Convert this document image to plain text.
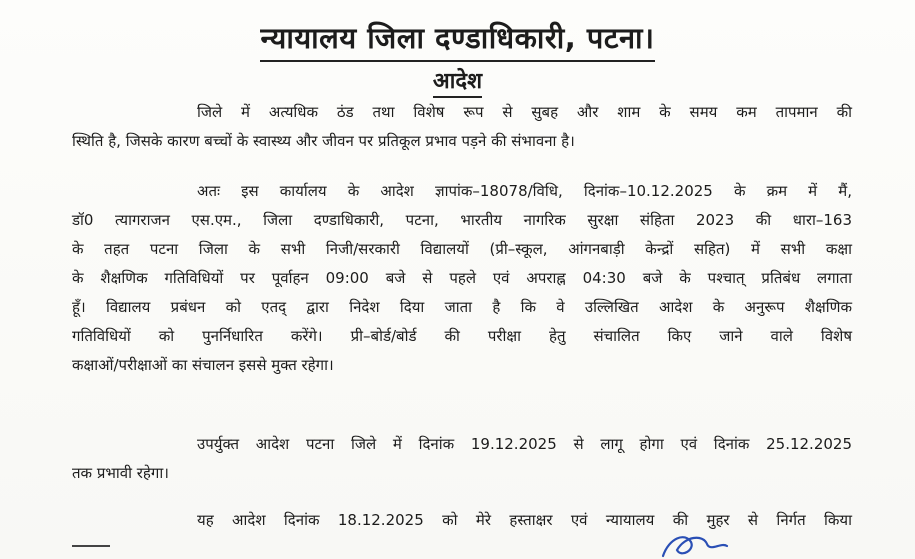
न्यायालय जिला दण्डाधिकारी, पटना।
आदेश
जिले में अत्यधिक ठंड तथा विशेष रूप से सुबह और शाम के समय कम तापमान की
स्थिति है, जिसके कारण बच्चों के स्वास्थ्य और जीवन पर प्रतिकूल प्रभाव पड़ने की संभावना है।
अतः इस कार्यालय के आदेश ज्ञापांक–18078/विधि, दिनांक–10.12.2025 के क्रम में मैं,
डॉ0 त्यागराजन एस.एम., जिला दण्डाधिकारी, पटना, भारतीय नागरिक सुरक्षा संहिता 2023 की धारा–163
के तहत पटना जिला के सभी निजी/सरकारी विद्यालयों (प्री–स्कूल, आंगनबाड़ी केन्द्रों सहित) में सभी कक्षा
के शैक्षणिक गतिविधियों पर पूर्वाहन 09:00 बजे से पहले एवं अपराह्न 04:30 बजे के पश्चात् प्रतिबंध लगाता
हूँ। विद्यालय प्रबंधन को एतद् द्वारा निदेश दिया जाता है कि वे उल्लिखित आदेश के अनुरूप शैक्षणिक
गतिविधियों को पुनर्निधारित करेंगे। प्री–बोर्ड/बोर्ड की परीक्षा हेतु संचालित किए जाने वाले विशेष
कक्षाओं/परीक्षाओं का संचालन इससे मुक्त रहेगा।
उपर्युक्त आदेश पटना जिले में दिनांक 19.12.2025 से लागू होगा एवं दिनांक 25.12.2025
तक प्रभावी रहेगा।
यह आदेश दिनांक 18.12.2025 को मेरे हस्ताक्षर एवं न्यायालय की मुहर से निर्गत किया
